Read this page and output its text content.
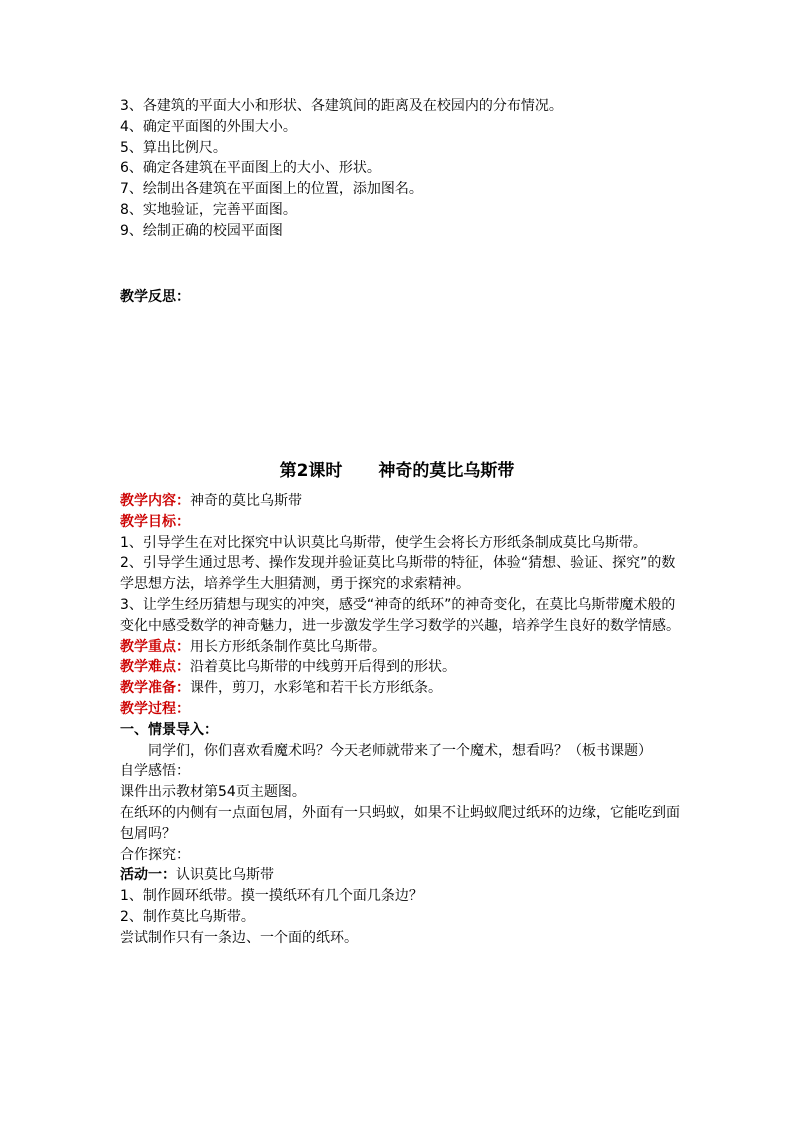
3、各建筑的平面大小和形状、各建筑间的距离及在校园内的分布情况。
4、确定平面图的外围大小。
5、算出比例尺。
6、确定各建筑在平面图上的大小、形状。
7、绘制出各建筑在平面图上的位置，添加图名。
8、实地验证，完善平面图。
9、绘制正确的校园平面图
教学反思：
第2课时 神奇的莫比乌斯带
教学内容：神奇的莫比乌斯带
教学目标：
1、引导学生在对比探究中认识莫比乌斯带，使学生会将长方形纸条制成莫比乌斯带。
2、引导学生通过思考、操作发现并验证莫比乌斯带的特征，体验“猜想、验证、探究”的数学思想方法，培养学生大胆猜测，勇于探究的求索精神。
3、让学生经历猜想与现实的冲突，感受“神奇的纸环”的神奇变化，在莫比乌斯带魔术般的变化中感受数学的神奇魅力，进一步激发学生学习数学的兴趣，培养学生良好的数学情感。
教学重点：用长方形纸条制作莫比乌斯带。
教学难点：沿着莫比乌斯带的中线剪开后得到的形状。
教学准备：课件，剪刀，水彩笔和若干长方形纸条。
教学过程：
一、情景导入：
同学们，你们喜欢看魔术吗？今天老师就带来了一个魔术，想看吗？（板书课题）
自学感悟：
课件出示教材第54页主题图。
在纸环的内侧有一点面包屑，外面有一只蚂蚁，如果不让蚂蚁爬过纸环的边缘，它能吃到面包屑吗？
合作探究：
活动一：认识莫比乌斯带
1、制作圆环纸带。摸一摸纸环有几个面几条边？
2、制作莫比乌斯带。
尝试制作只有一条边、一个面的纸环。
